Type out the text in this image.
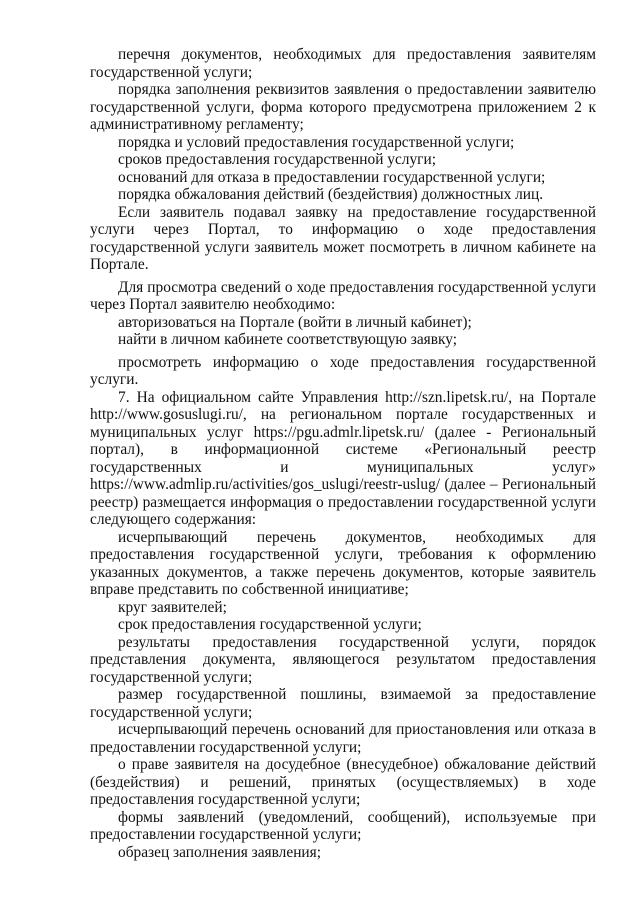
перечня документов, необходимых для предоставления заявителям государственной услуги;

порядка заполнения реквизитов заявления о предоставлении заявителю государственной услуги, форма которого предусмотрена приложением 2 к административному регламенту;

порядка и условий предоставления государственной услуги;

сроков предоставления государственной услуги;

оснований для отказа в предоставлении государственной услуги;

порядка обжалования действий (бездействия) должностных лиц.

Если заявитель подавал заявку на предоставление государственной услуги через Портал, то информацию о ходе предоставления государственной услуги заявитель может посмотреть в личном кабинете на Портале.

Для просмотра сведений о ходе предоставления государственной услуги через Портал заявителю необходимо:

авторизоваться на Портале (войти в личный кабинет);

найти в личном кабинете соответствующую заявку;

просмотреть информацию о ходе предоставления государственной услуги.

7. На официальном сайте Управления http://szn.lipetsk.ru/, на Портале http://www.gosuslugi.ru/, на региональном портале государственных и муниципальных услуг https://pgu.admlr.lipetsk.ru/ (далее - Региональный портал), в информационной системе «Региональный реестр государственных и муниципальных услуг» https://www.admlip.ru/activities/gos_uslugi/reestr-uslug/ (далее – Региональный реестр) размещается информация о предоставлении государственной услуги следующего содержания:

исчерпывающий перечень документов, необходимых для предоставления государственной услуги, требования к оформлению указанных документов, а также перечень документов, которые заявитель вправе представить по собственной инициативе;

круг заявителей;

срок предоставления государственной услуги;

результаты предоставления государственной услуги, порядок представления документа, являющегося результатом предоставления государственной услуги;

размер государственной пошлины, взимаемой за предоставление государственной услуги;

исчерпывающий перечень оснований для приостановления или отказа в предоставлении государственной услуги;

о праве заявителя на досудебное (внесудебное) обжалование действий (бездействия) и решений, принятых (осуществляемых) в ходе предоставления государственной услуги;

формы заявлений (уведомлений, сообщений), используемые при предоставлении государственной услуги;

образец заполнения заявления;
